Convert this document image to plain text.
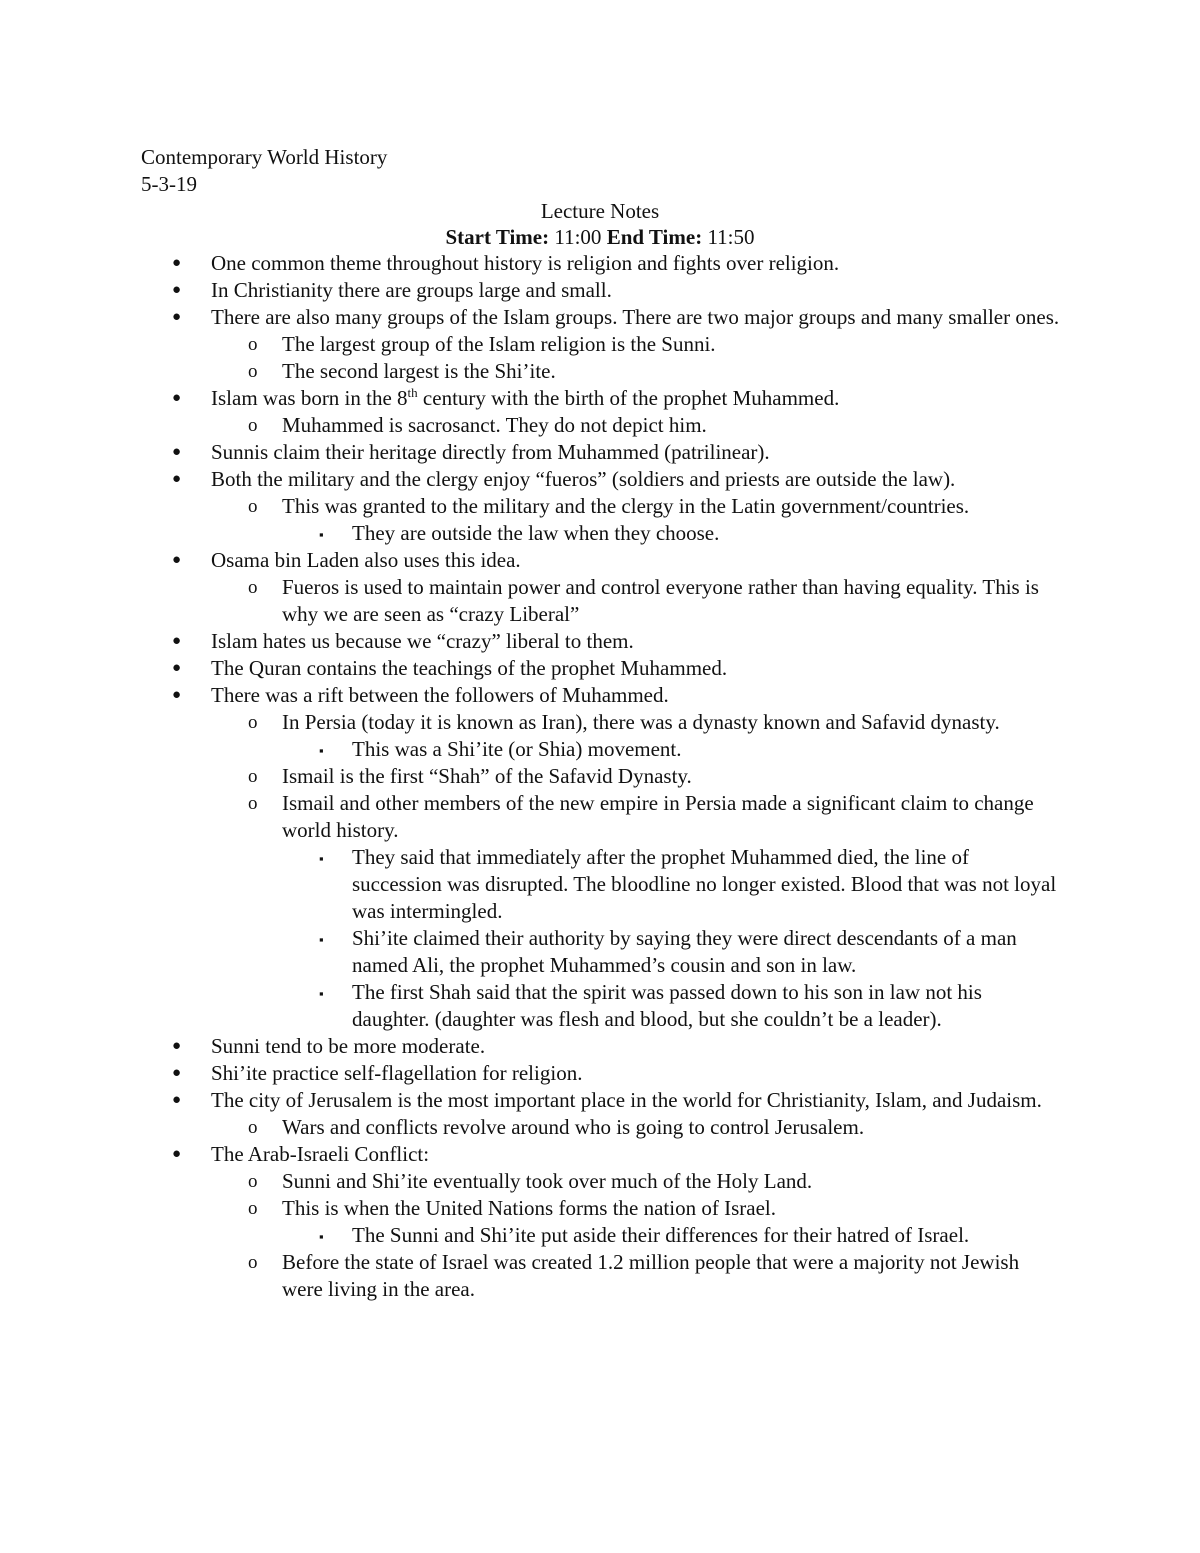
Contemporary World History
5-3-19
Lecture Notes
Start Time: 11:00 End Time: 11:50
● One common theme throughout history is religion and fights over religion.
● In Christianity there are groups large and small.
● There are also many groups of the Islam groups. There are two major groups and many smaller ones.
o The largest group of the Islam religion is the Sunni.
o The second largest is the Shi’ite.
● Islam was born in the 8th century with the birth of the prophet Muhammed.
o Muhammed is sacrosanct. They do not depict him.
● Sunnis claim their heritage directly from Muhammed (patrilinear).
● Both the military and the clergy enjoy “fueros” (soldiers and priests are outside the law).
o This was granted to the military and the clergy in the Latin government/countries.
▪ They are outside the law when they choose.
● Osama bin Laden also uses this idea.
o Fueros is used to maintain power and control everyone rather than having equality. This is why we are seen as “crazy Liberal”
● Islam hates us because we “crazy” liberal to them.
● The Quran contains the teachings of the prophet Muhammed.
● There was a rift between the followers of Muhammed.
o In Persia (today it is known as Iran), there was a dynasty known and Safavid dynasty.
▪ This was a Shi’ite (or Shia) movement.
o Ismail is the first “Shah” of the Safavid Dynasty.
o Ismail and other members of the new empire in Persia made a significant claim to change world history.
▪ They said that immediately after the prophet Muhammed died, the line of succession was disrupted. The bloodline no longer existed. Blood that was not loyal was intermingled.
▪ Shi’ite claimed their authority by saying they were direct descendants of a man named Ali, the prophet Muhammed’s cousin and son in law.
▪ The first Shah said that the spirit was passed down to his son in law not his daughter. (daughter was flesh and blood, but she couldn’t be a leader).
● Sunni tend to be more moderate.
● Shi’ite practice self-flagellation for religion.
● The city of Jerusalem is the most important place in the world for Christianity, Islam, and Judaism.
o Wars and conflicts revolve around who is going to control Jerusalem.
● The Arab-Israeli Conflict:
o Sunni and Shi’ite eventually took over much of the Holy Land.
o This is when the United Nations forms the nation of Israel.
▪ The Sunni and Shi’ite put aside their differences for their hatred of Israel.
o Before the state of Israel was created 1.2 million people that were a majority not Jewish were living in the area.
